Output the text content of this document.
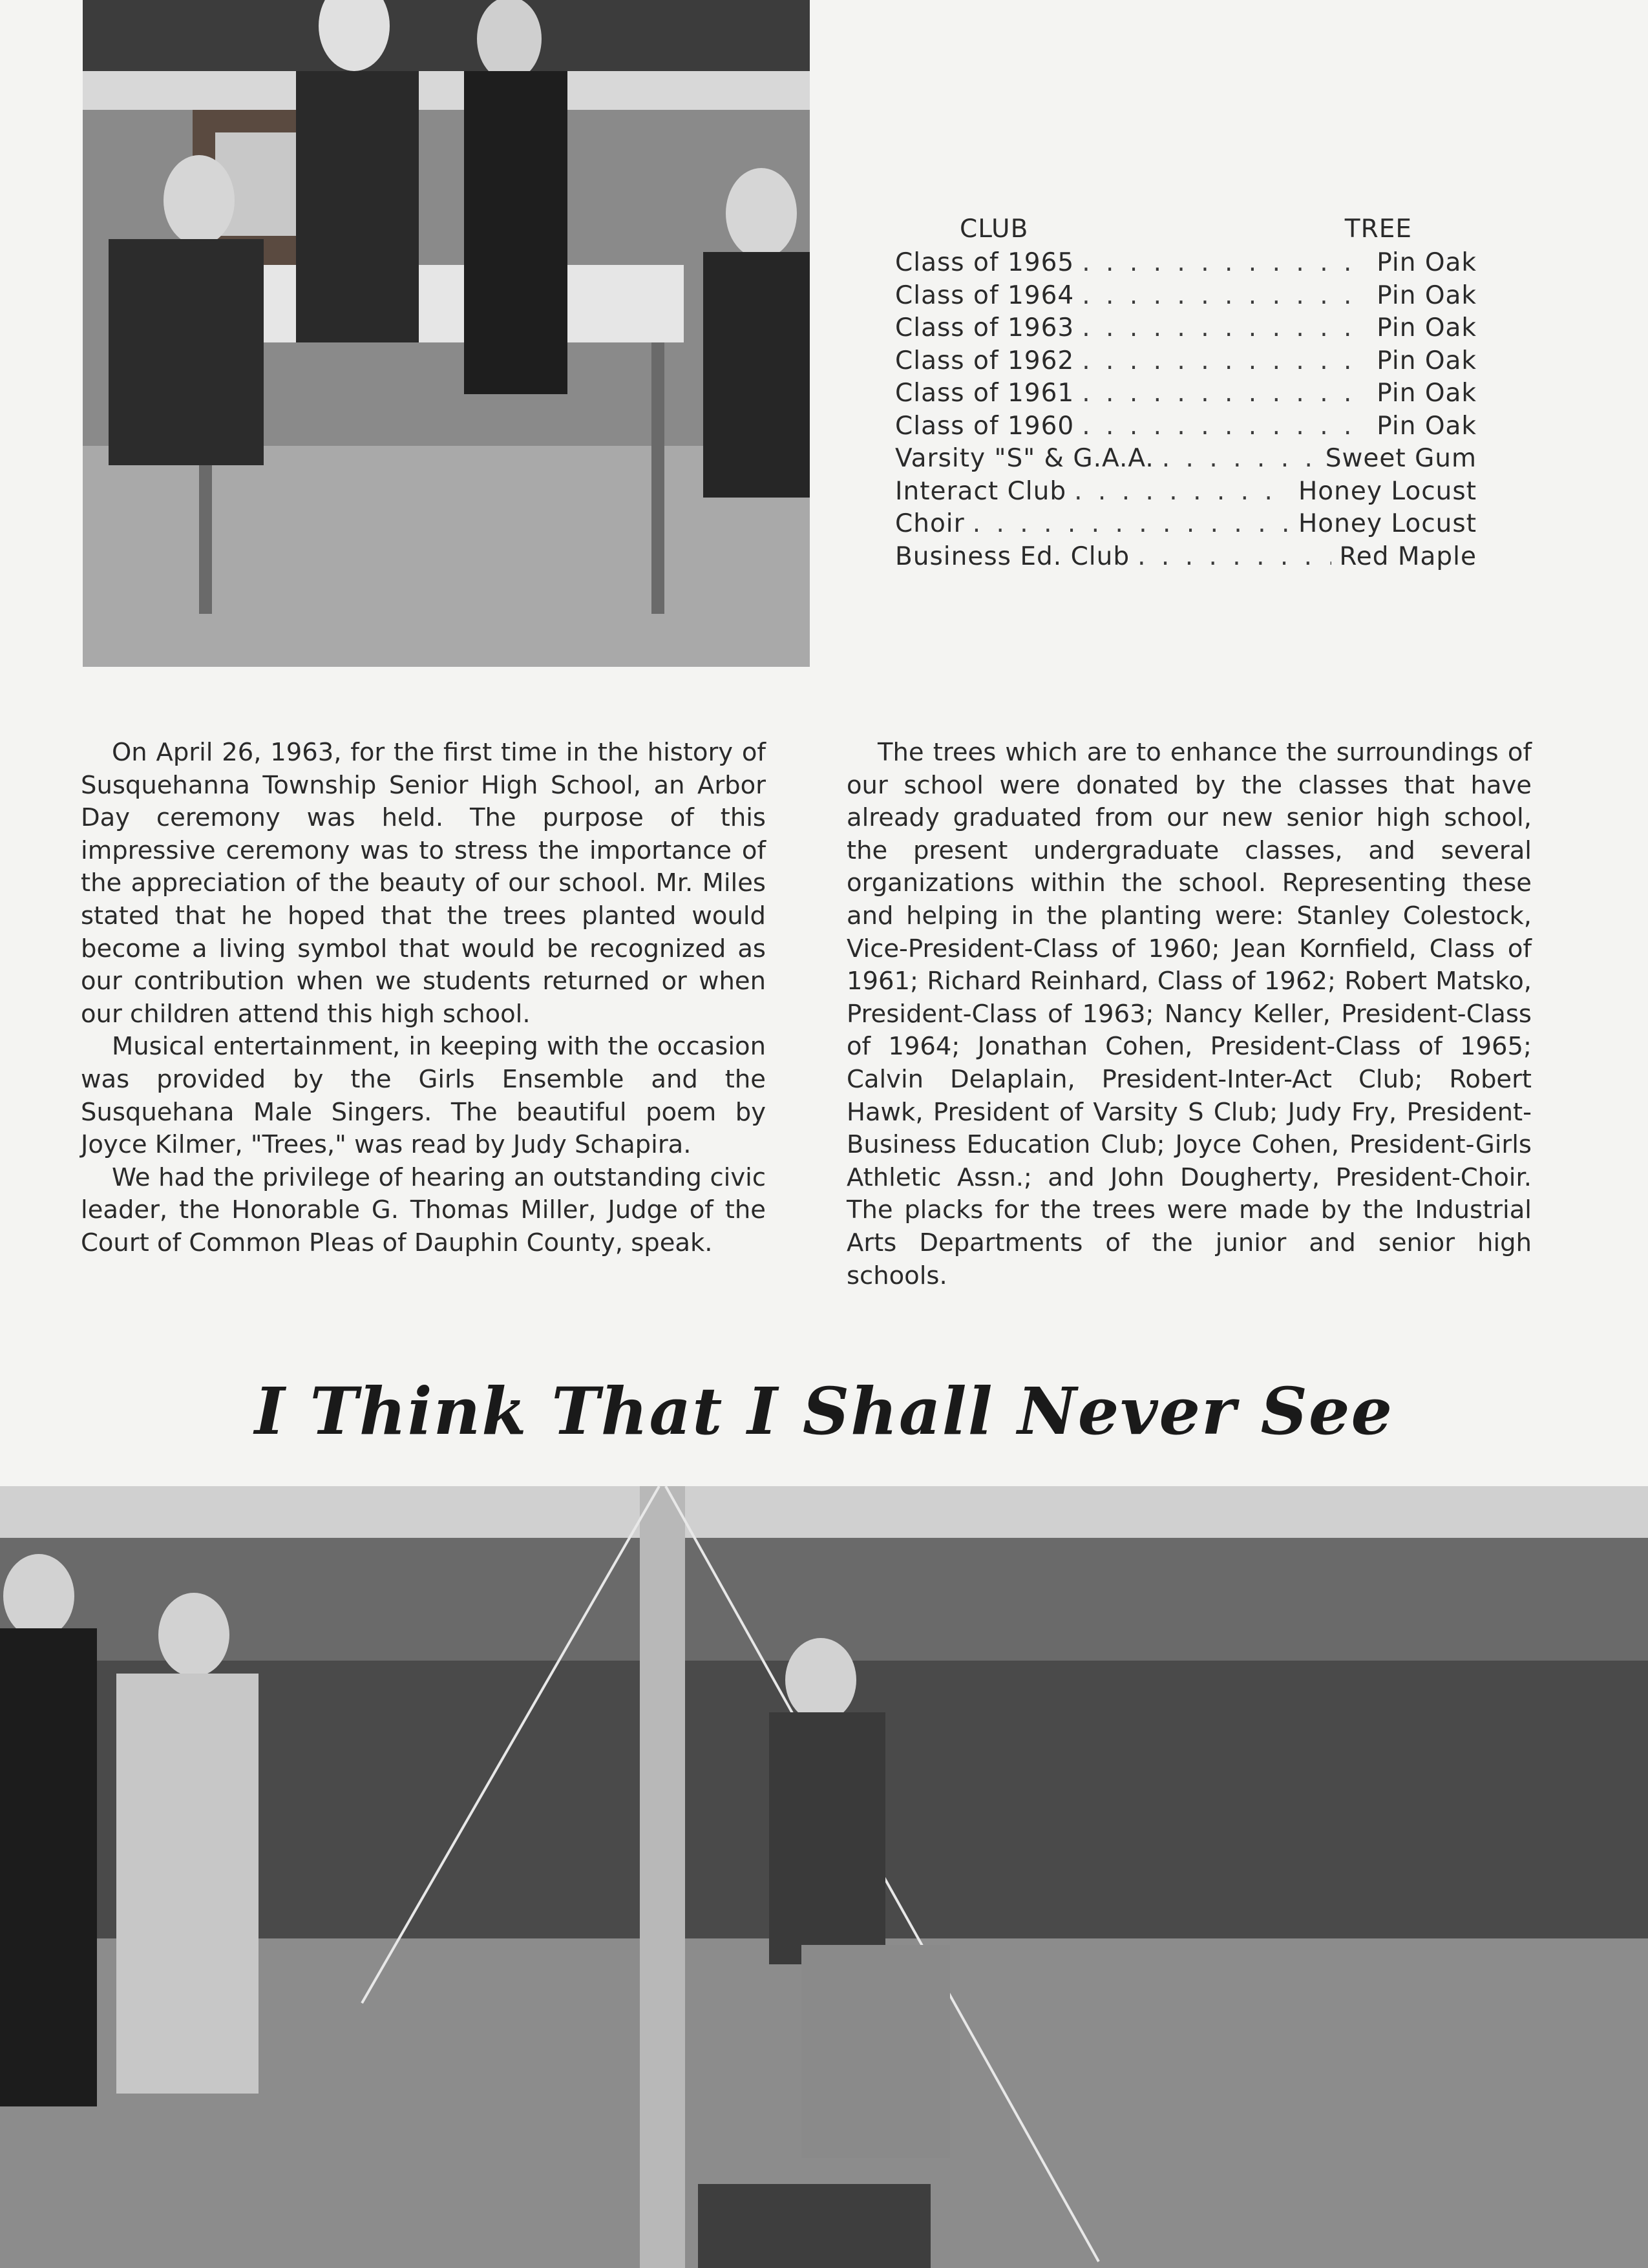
CLUB	TREE
Class of 1965 . . .	Pin Oak
Class of 1964 . . .	Pin Oak
Class of 1963 . . .	Pin Oak
Class of 1962 . . .	Pin Oak
Class of 1961 . . .	Pin Oak
Class of 1960 . . .	Pin Oak
Varsity "S" & G.A.A. . . .	Sweet Gum
Interact Club . . .	Honey Locust
Choir . . .	Honey Locust
Business Ed. Club . . .	Red Maple

On April 26, 1963, for the first time in the history of Susquehanna Township Senior High School, an Arbor Day ceremony was held. The purpose of this impressive ceremony was to stress the importance of the appreciation of the beauty of our school. Mr. Miles stated that he hoped that the trees planted would become a living symbol that would be recognized as our contribution when we students returned or when our children attend this high school.

Musical entertainment, in keeping with the occasion was provided by the Girls Ensemble and the Susquehana Male Singers. The beautiful poem by Joyce Kilmer, "Trees," was read by Judy Schapira.

We had the privilege of hearing an outstanding civic leader, the Honorable G. Thomas Miller, Judge of the Court of Common Pleas of Dauphin County, speak.

The trees which are to enhance the surroundings of our school were donated by the classes that have already graduated from our new senior high school, the present undergraduate classes, and several organizations within the school. Representing these and helping in the planting were: Stanley Colestock, Vice-President-Class of 1960; Jean Kornfield, Class of 1961; Richard Reinhard, Class of 1962; Robert Matsko, President-Class of 1963; Nancy Keller, President-Class of 1964; Jonathan Cohen, President-Class of 1965; Calvin Delaplain, President-Inter-Act Club; Robert Hawk, President of Varsity S Club; Judy Fry, President-Business Education Club; Joyce Cohen, President-Girls Athletic Assn.; and John Dougherty, President-Choir. The placks for the trees were made by the Industrial Arts Departments of the junior and senior high schools.

I Think That I Shall Never See
